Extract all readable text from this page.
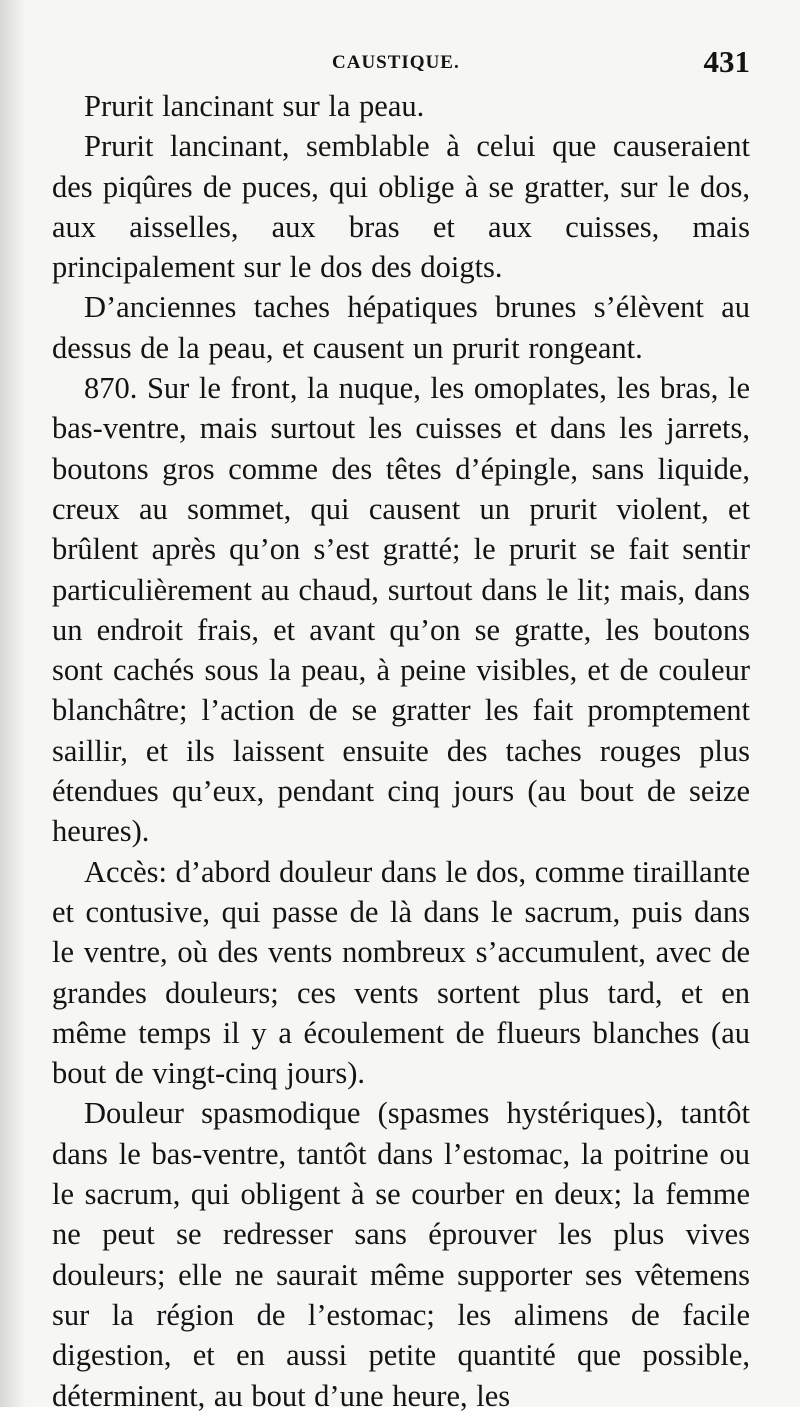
CAUSTIQUE.	431

Prurit lancinant sur la peau.

Prurit lancinant, semblable à celui que causeraient des piqûres de puces, qui oblige à se gratter, sur le dos, aux aisselles, aux bras et aux cuisses, mais principalement sur le dos des doigts.

D’anciennes taches hépatiques brunes s’élèvent au dessus de la peau, et causent un prurit rongeant.

870. Sur le front, la nuque, les omoplates, les bras, le bas-ventre, mais surtout les cuisses et dans les jarrets, boutons gros comme des têtes d’épingle, sans liquide, creux au sommet, qui causent un prurit violent, et brûlent après qu’on s’est gratté; le prurit se fait sentir particulièrement au chaud, surtout dans le lit; mais, dans un endroit frais, et avant qu’on se gratte, les boutons sont cachés sous la peau, à peine visibles, et de couleur blanchâtre; l’action de se gratter les fait promptement saillir, et ils laissent ensuite des taches rouges plus étendues qu’eux, pendant cinq jours (au bout de seize heures).

Accès: d’abord douleur dans le dos, comme tiraillante et contusive, qui passe de là dans le sacrum, puis dans le ventre, où des vents nombreux s’accumulent, avec de grandes douleurs; ces vents sortent plus tard, et en même temps il y a écoulement de flueurs blanches (au bout de vingt-cinq jours).

Douleur spasmodique (spasmes hystériques), tantôt dans le bas-ventre, tantôt dans l’estomac, la poitrine ou le sacrum, qui obligent à se courber en deux; la femme ne peut se redresser sans éprouver les plus vives douleurs; elle ne saurait même supporter ses vêtemens sur la région de l’estomac; les alimens de facile digestion, et en aussi petite quantité que possible, déterminent, au bout d’une heure, les
